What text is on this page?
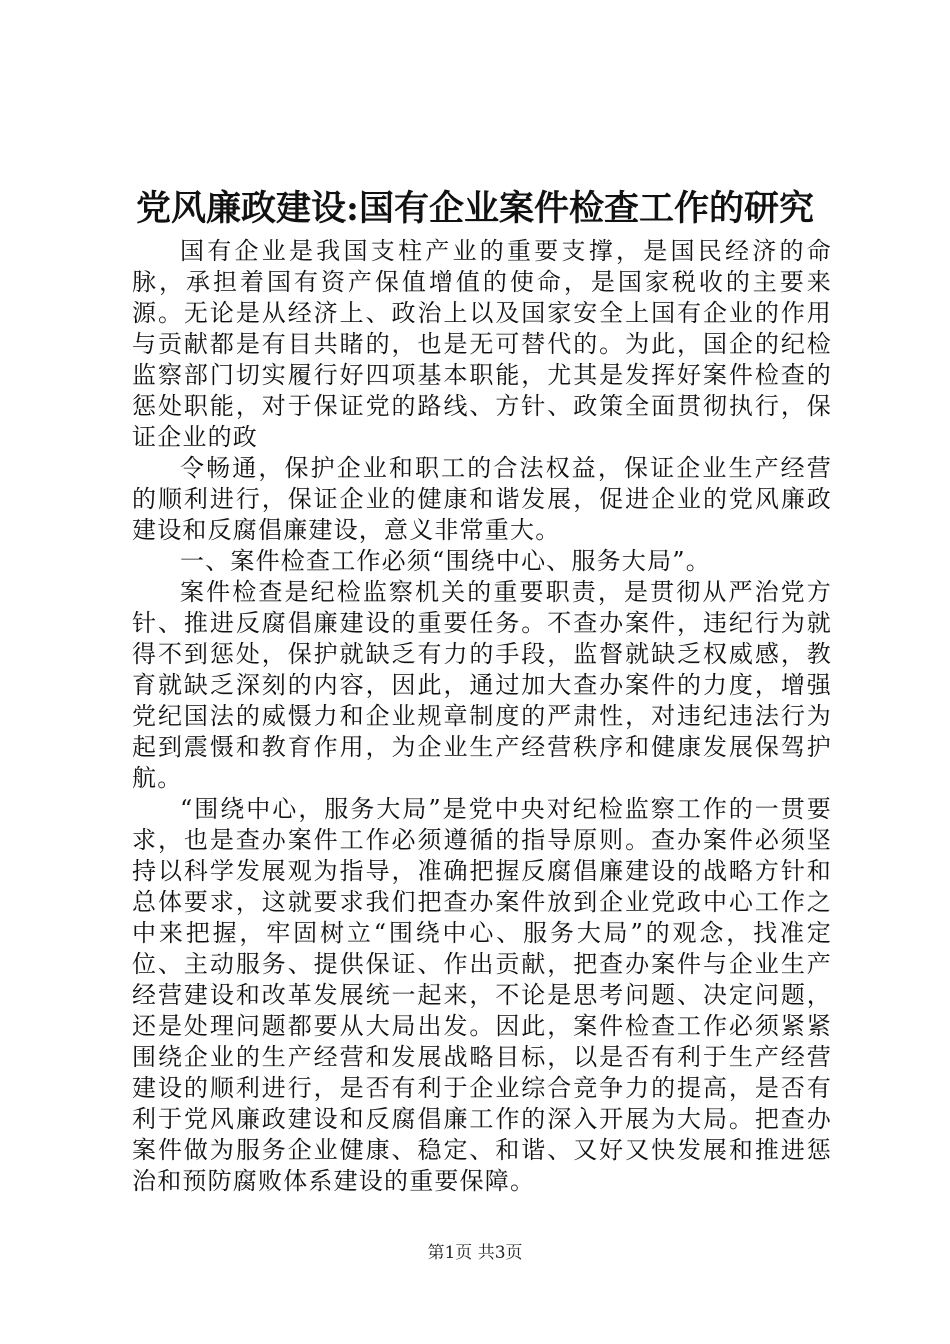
党风廉政建设:国有企业案件检查工作的研究

国有企业是我国支柱产业的重要支撑，是国民经济的命脉，承担着国有资产保值增值的使命，是国家税收的主要来源。无论是从经济上、政治上以及国家安全上国有企业的作用与贡献都是有目共睹的，也是无可替代的。为此，国企的纪检监察部门切实履行好四项基本职能，尤其是发挥好案件检查的惩处职能，对于保证党的路线、方针、政策全面贯彻执行，保证企业的政

令畅通，保护企业和职工的合法权益，保证企业生产经营的顺利进行，保证企业的健康和谐发展，促进企业的党风廉政建设和反腐倡廉建设，意义非常重大。

一、案件检查工作必须“围绕中心、服务大局”。

案件检查是纪检监察机关的重要职责，是贯彻从严治党方针、推进反腐倡廉建设的重要任务。不查办案件，违纪行为就得不到惩处，保护就缺乏有力的手段，监督就缺乏权威感，教育就缺乏深刻的内容，因此，通过加大查办案件的力度，增强党纪国法的威慑力和企业规章制度的严肃性，对违纪违法行为起到震慑和教育作用，为企业生产经营秩序和健康发展保驾护航。

“围绕中心，服务大局”是党中央对纪检监察工作的一贯要求，也是查办案件工作必须遵循的指导原则。查办案件必须坚持以科学发展观为指导，准确把握反腐倡廉建设的战略方针和总体要求，这就要求我们把查办案件放到企业党政中心工作之中来把握，牢固树立“围绕中心、服务大局”的观念，找准定位、主动服务、提供保证、作出贡献，把查办案件与企业生产经营建设和改革发展统一起来，不论是思考问题、决定问题，还是处理问题都要从大局出发。因此，案件检查工作必须紧紧围绕企业的生产经营和发展战略目标，以是否有利于生产经营建设的顺利进行，是否有利于企业综合竞争力的提高，是否有利于党风廉政建设和反腐倡廉工作的深入开展为大局。把查办案件做为服务企业健康、稳定、和谐、又好又快发展和推进惩治和预防腐败体系建设的重要保障。

第1页 共3页
